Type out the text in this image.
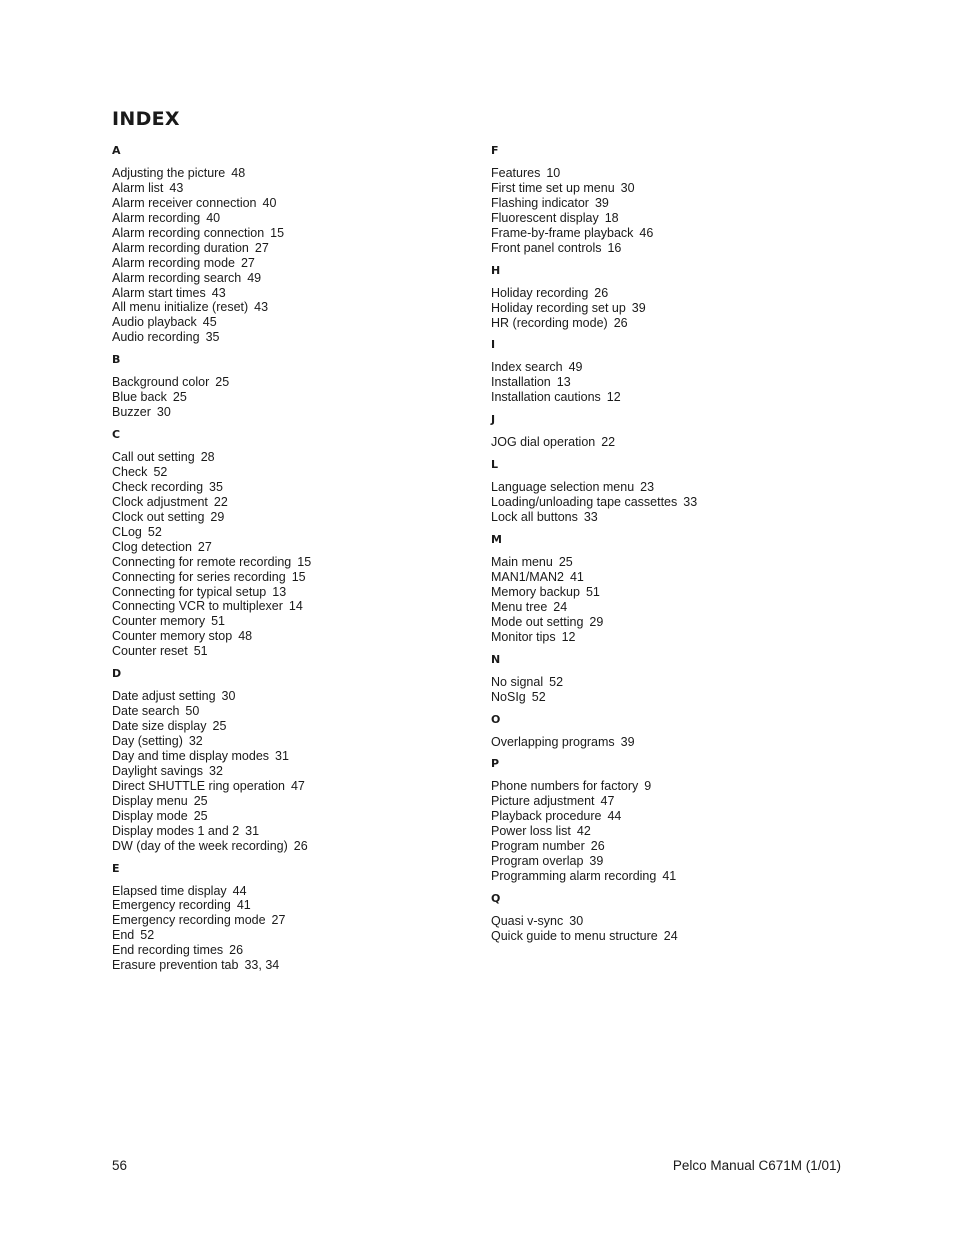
INDEX
A
Adjusting the picture 48
Alarm list 43
Alarm receiver connection 40
Alarm recording 40
Alarm recording connection 15
Alarm recording duration 27
Alarm recording mode 27
Alarm recording search 49
Alarm start times 43
All menu initialize (reset) 43
Audio playback 45
Audio recording 35
B
Background color 25
Blue back 25
Buzzer 30
C
Call out setting 28
Check 52
Check recording 35
Clock adjustment 22
Clock out setting 29
CLog 52
Clog detection 27
Connecting for remote recording 15
Connecting for series recording 15
Connecting for typical setup 13
Connecting VCR to multiplexer 14
Counter memory 51
Counter memory stop 48
Counter reset 51
D
Date adjust setting 30
Date search 50
Date size display 25
Day (setting) 32
Day and time display modes 31
Daylight savings 32
Direct SHUTTLE ring operation 47
Display menu 25
Display mode 25
Display modes 1 and 2 31
DW (day of the week recording) 26
E
Elapsed time display 44
Emergency recording 41
Emergency recording mode 27
End 52
End recording times 26
Erasure prevention tab 33, 34
F
Features 10
First time set up menu 30
Flashing indicator 39
Fluorescent display 18
Frame-by-frame playback 46
Front panel controls 16
H
Holiday recording 26
Holiday recording set up 39
HR (recording mode) 26
I
Index search 49
Installation 13
Installation cautions 12
J
JOG dial operation 22
L
Language selection menu 23
Loading/unloading tape cassettes 33
Lock all buttons 33
M
Main menu 25
MAN1/MAN2 41
Memory backup 51
Menu tree 24
Mode out setting 29
Monitor tips 12
N
No signal 52
NoSIg 52
O
Overlapping programs 39
P
Phone numbers for factory 9
Picture adjustment 47
Playback procedure 44
Power loss list 42
Program number 26
Program overlap 39
Programming alarm recording 41
Q
Quasi v-sync 30
Quick guide to menu structure 24
56	Pelco Manual C671M (1/01)
